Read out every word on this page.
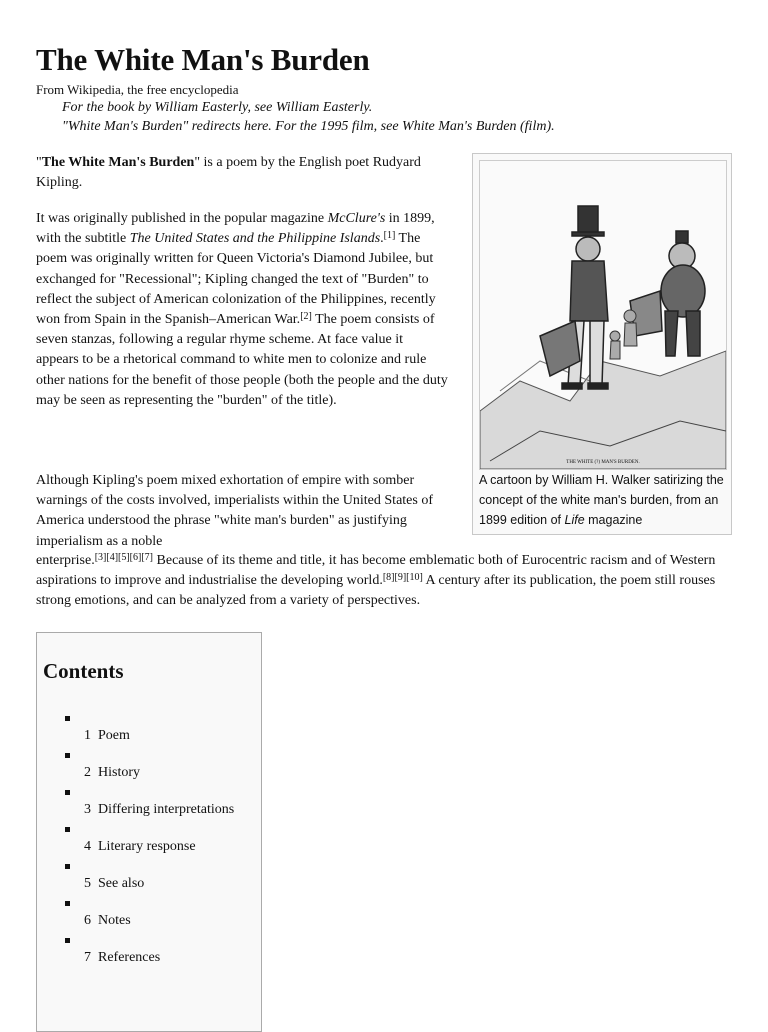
The White Man's Burden
From Wikipedia, the free encyclopedia
For the book by William Easterly, see William Easterly.
"White Man's Burden" redirects here. For the 1995 film, see White Man's Burden (film).

"The White Man's Burden" is a poem by the English poet Rudyard Kipling.

It was originally published in the popular magazine McClure's in 1899, with the subtitle The United States and the Philippine Islands.[1] The poem was originally written for Queen Victoria's Diamond Jubilee, but exchanged for "Recessional"; Kipling changed the text of "Burden" to reflect the subject of American colonization of the Philippines, recently won from Spain in the Spanish–American War.[2] The poem consists of seven stanzas, following a regular rhyme scheme. At face value it appears to be a rhetorical command to white men to colonize and rule other nations for the benefit of those people (both the people and the duty may be seen as representing the "burden" of the title).

Although Kipling's poem mixed exhortation of empire with somber warnings of the costs involved, imperialists within the United States of America understood the phrase "white man's burden" as justifying imperialism as a noble

enterprise.[3][4][5][6][7] Because of its theme and title, it has become emblematic both of Eurocentric racism and of Western aspirations to improve and industrialise the developing world.[8][9][10] A century after its publication, the poem still rouses strong emotions, and can be analyzed from a variety of perspectives.

THE WHITE (?) MAN'S BURDEN.

A cartoon by William H. Walker satirizing the concept of the white man's burden, from an 1899 edition of Life magazine
Contents
1 Poem
2 History
3 Differing interpretations
4 Literary response
5 See also
6 Notes
7 References
